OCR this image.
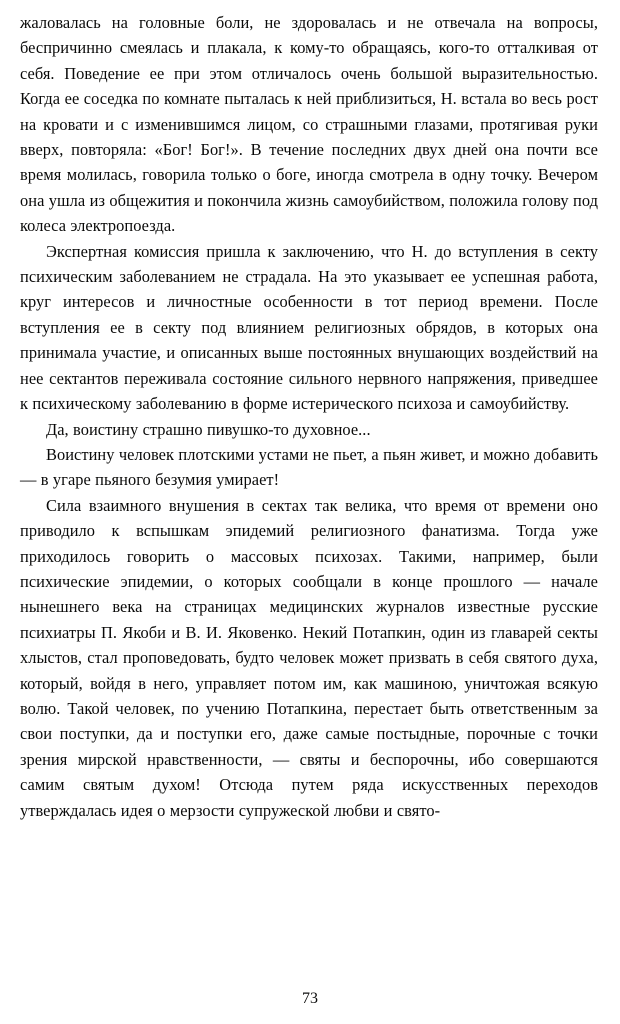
жаловалась на головные боли, не здоровалась и не отвечала на вопросы, беспричинно смеялась и плакала, к кому-то обращаясь, кого-то отталкивая от себя. Поведение ее при этом отличалось очень большой выразительностью. Когда ее соседка по комнате пыталась к ней приблизиться, Н. встала во весь рост на кровати и с изменившимся лицом, со страшными глазами, протягивая руки вверх, повторяла: «Бог! Бог!». В течение последних двух дней она почти все время молилась, говорила только о боге, иногда смотрела в одну точку. Вечером она ушла из общежития и покончила жизнь самоубийством, положила голову под колеса электропоезда.

Экспертная комиссия пришла к заключению, что Н. до вступления в секту психическим заболеванием не страдала. На это указывает ее успешная работа, круг интересов и личностные особенности в тот период времени. После вступления ее в секту под влиянием религиозных обрядов, в которых она принимала участие, и описанных выше постоянных внушающих воздействий на нее сектантов переживала состояние сильного нервного напряжения, приведшее к психическому заболеванию в форме истерического психоза и самоубийству.

Да, воистину страшно пивушко-то духовное...

Воистину человек плотскими устами не пьет, а пьян живет, и можно добавить — в угаре пьяного безумия умирает!

Сила взаимного внушения в сектах так велика, что время от времени оно приводило к вспышкам эпидемий религиозного фанатизма. Тогда уже приходилось говорить о массовых психозах. Такими, например, были психические эпидемии, о которых сообщали в конце прошлого — начале нынешнего века на страницах медицинских журналов известные русские психиатры П. Якоби и В. И. Яковенко. Некий Потапкин, один из главарей секты хлыстов, стал проповедовать, будто человек может призвать в себя святого духа, который, войдя в него, управляет потом им, как машиною, уничтожая всякую волю. Такой человек, по учению Потапкина, перестает быть ответственным за свои поступки, да и поступки его, даже самые постыдные, порочные с точки зрения мирской нравственности, — святы и беспорочны, ибо совершаются самим святым духом! Отсюда путем ряда искусственных переходов утверждалась идея о мерзости супружеской любви и свято-

73
